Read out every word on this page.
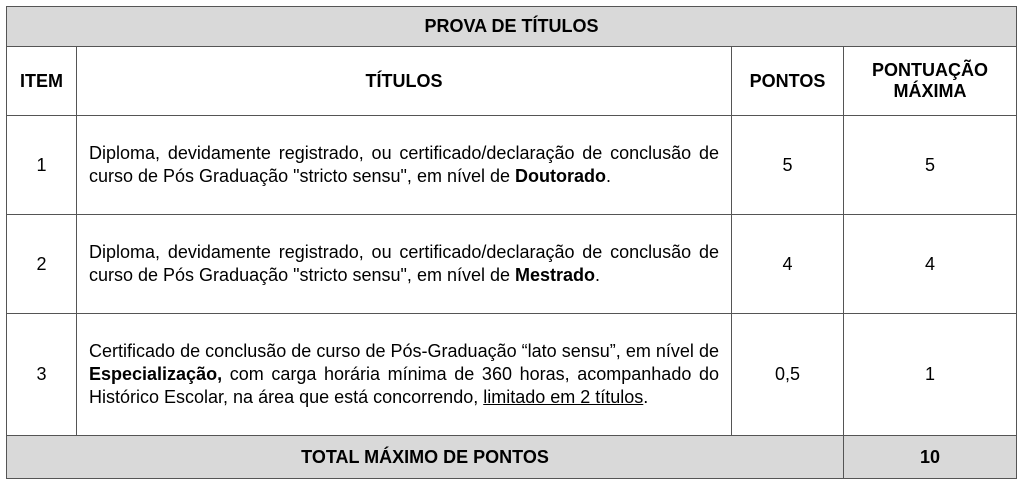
PROVA DE TÍTULOS			
ITEM	TÍTULOS	PONTOS	PONTUAÇÃO MÁXIMA

1	Diploma, devidamente registrado, ou certificado/declaração de conclusão de curso de Pós Graduação "stricto sensu", em nível de Doutorado.	5	5
2	Diploma, devidamente registrado, ou certificado/declaração de conclusão de curso de Pós Graduação "stricto sensu", em nível de Mestrado.	4	4
3	Certificado de conclusão de curso de Pós-Graduação “lato sensu”, em nível de Especialização, com carga horária mínima de 360 horas, acompanhado do Histórico Escolar, na área que está concorrendo, limitado em 2 títulos.	0,5	1
TOTAL MÁXIMO DE PONTOS			10
